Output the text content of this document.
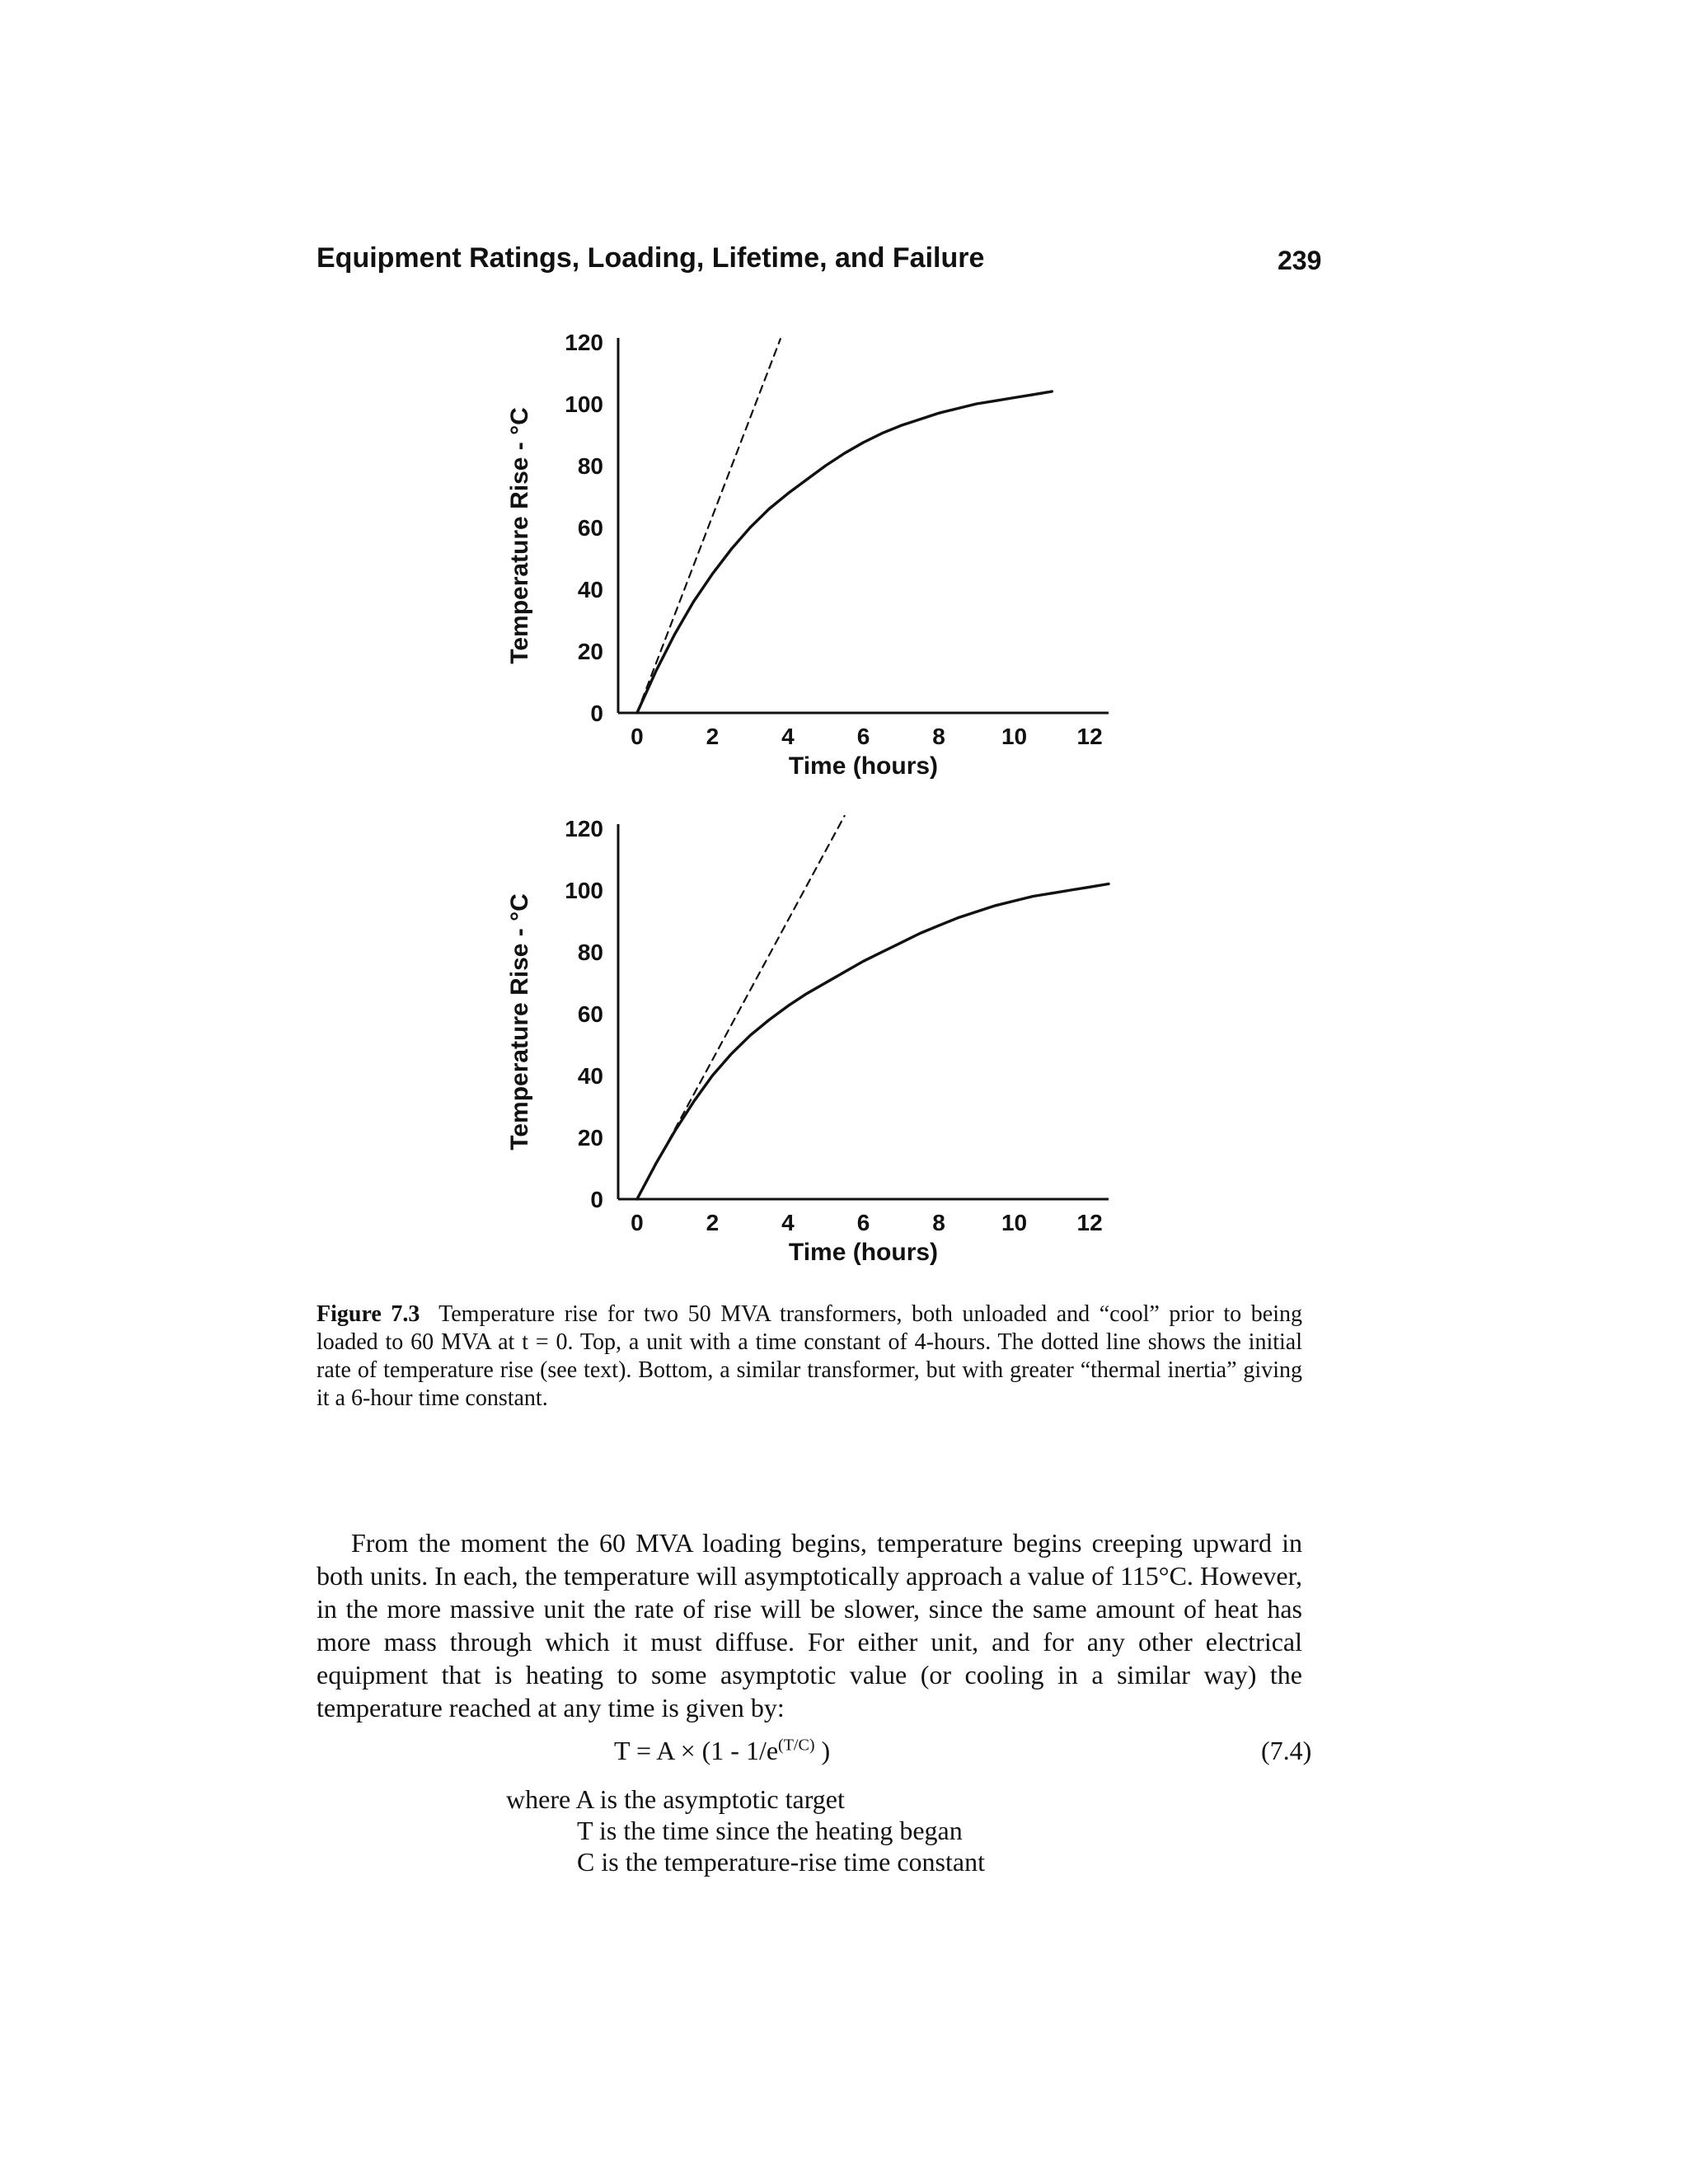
Equipment Ratings, Loading, Lifetime, and Failure	239
0
20
40
60
80
100
120
0	2	4	6	8 10 12
Time (hours)
Temperature Rise - °C
0
20
40
60
80
100
120
0	2	4	6	8 10 12
Time (hours)
Temperature Rise - °C
Figure 7.3 Temperature rise for two 50 MVA transformers, both unloaded and “cool” prior to being loaded to 60 MVA at t = 0. Top, a unit with a time constant of 4-hours. The dotted line shows the initial rate of temperature rise (see text). Bottom, a similar transformer, but with greater “thermal inertia” giving it a 6-hour time constant.
From the moment the 60 MVA loading begins, temperature begins creeping upward in both units. In each, the temperature will asymptotically approach a value of 115°C. However, in the more massive unit the rate of rise will be slower, since the same amount of heat has more mass through which it must diffuse. For either unit, and for any other electrical equipment that is heating to some asymptotic value (or cooling in a similar way) the temperature reached at any time is given by:
$T = A \times (1 - 1/e^{(T/C)}$ )	(7.4)
where A is the asymptotic target
T is the time since the heating began
C is the temperature-rise time constant
